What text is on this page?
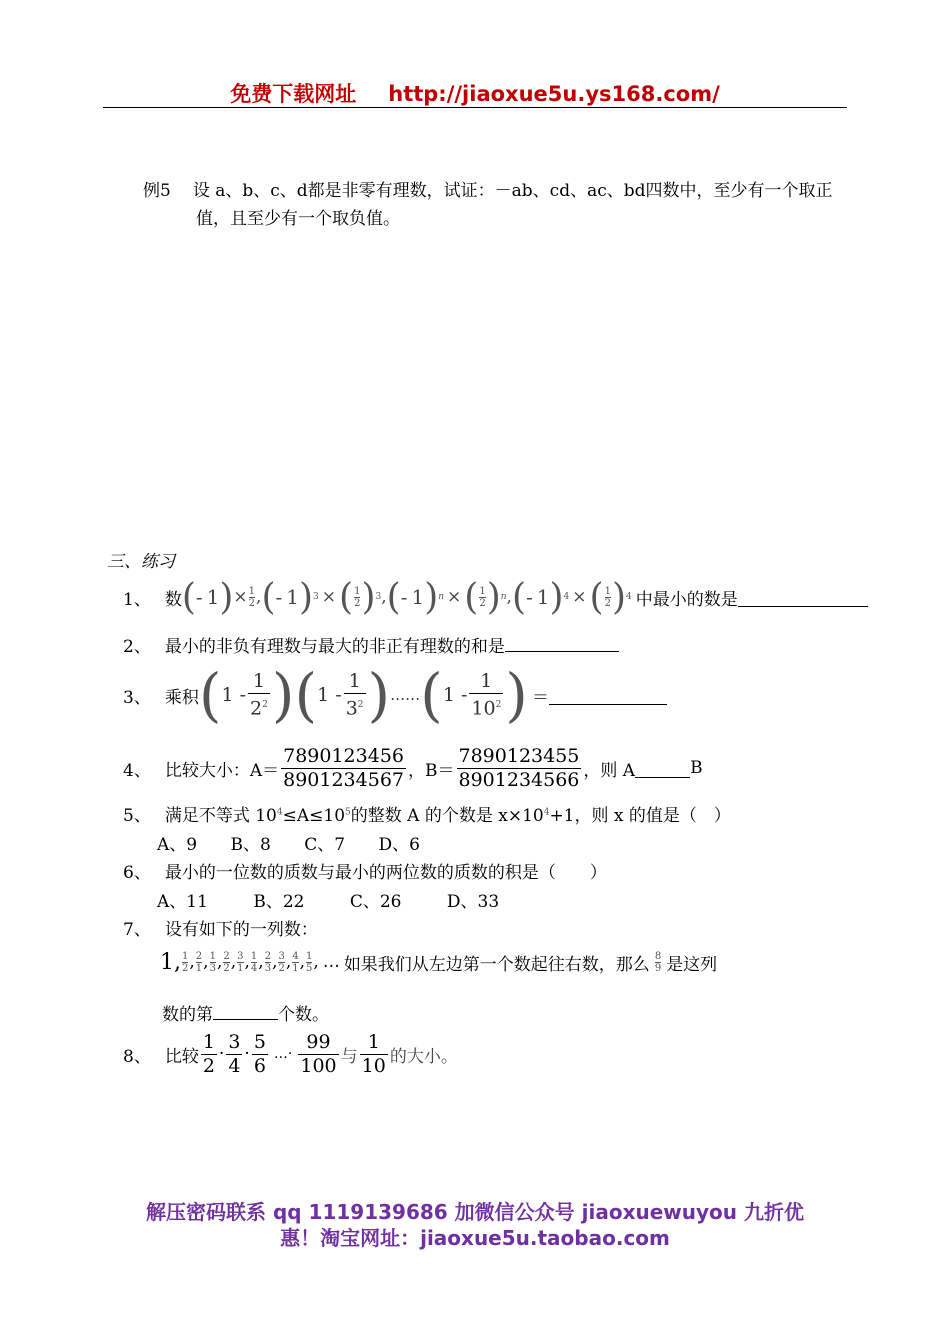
免费下载网址 http://jiaoxue5u.ys168.com/
例5 设 a、b、c、d都是非零有理数，试证：－ab、cd、ac、bd四数中，至少有一个取正
值，且至少有一个取负值。
三、练习
1、 数 ( - 1 ) × 1
2 , ( - 1 ) 3 × ( 1
2 ) 3 , ( - 1 ) n × ( 1
2 ) n , ( - 1 ) 4 × ( 1
2 ) 4 中最小的数是
2、 最小的非负有理数与最大的非正有理数的和是
3、 乘积 ( $1 - \frac{1}{2^2}$ ) ( $1 - \frac{1}{3^2}$ ) …… ( $1 - \frac{1}{10^2}$ ) ＝
4、 比较大小：$A= \frac{7890123456}{8901234567}$ ，$B= \frac{7890123455}{8901234566}$ ，则 A	B
5、 满足不等式 $10^4\le A\le 10^5$的整数 A 的个数是 $x\times 10^4+1$，则 x 的值是（　）
A、9 B、8 C、7 D、6
6、 最小的一位数的质数与最小的两位数的质数的积是（　　）
A、11	B、22	C、26	D、33
7、 设有如下的一列数：
1, 1
2 , 2
1 , 1
3 , 2
2 , 3
1 , 1
4 , 2
3 , 3
2 , 4
1 , 1
5 , … 如果我们从左边第一个数起往右数，那么 8
9 是这列
数的第	个数。
8、 比较 $\frac{1}{2} \cdot \frac{3}{4} \cdot \frac{5}{6}$ …· $\frac{99}{100}$ 与 $\frac{1}{10}$ 的大小。
解压密码联系 qq 1119139686 加微信公众号 jiaoxuewuyou 九折优
惠！淘宝网址：jiaoxue5u.taobao.com
